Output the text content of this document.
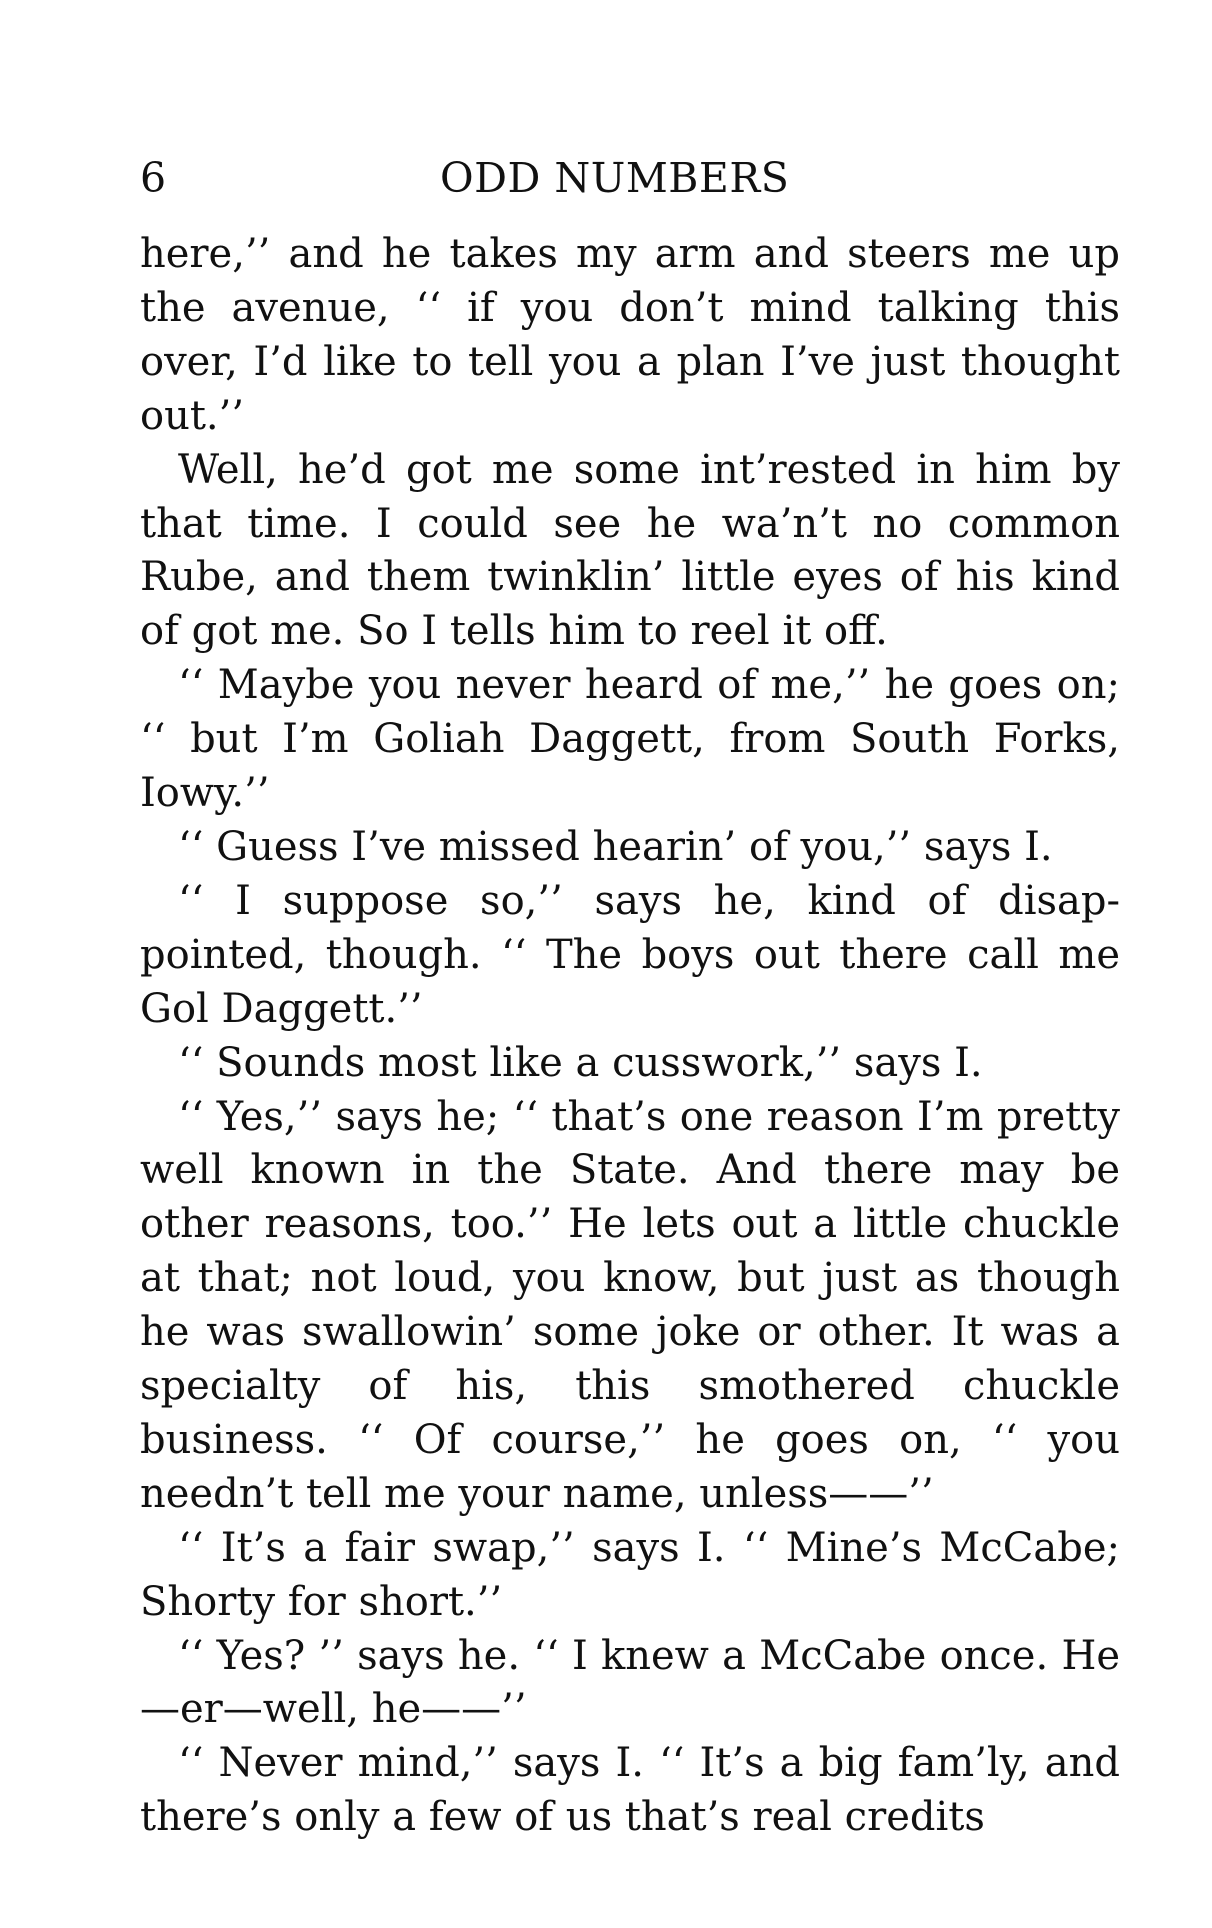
6	ODD NUMBERS

here,’’ and he takes my arm and steers me up the avenue, ‘‘ if you don’t mind talking this over, I’d like to tell you a plan I’ve just thought out.’’

Well, he’d got me some int’rested in him by that time. I could see he wa’n’t no common Rube, and them twinklin’ little eyes of his kind of got me. So I tells him to reel it off.

‘‘ Maybe you never heard of me,’’ he goes on; ‘‘ but I’m Goliah Daggett, from South Forks, Iowy.’’

‘‘ Guess I’ve missed hearin’ of you,’’ says I.

‘‘ I suppose so,’’ says he, kind of disappointed, though. ‘‘ The boys out there call me Gol Daggett.’’

‘‘ Sounds most like a cusswork,’’ says I.

‘‘ Yes,’’ says he; ‘‘ that’s one reason I’m pretty well known in the State. And there may be other reasons, too.’’ He lets out a little chuckle at that; not loud, you know, but just as though he was swallowin’ some joke or other. It was a specialty of his, this smothered chuckle business. ‘‘ Of course,’’ he goes on, ‘‘ you needn’t tell me your name, unless——’’

‘‘ It’s a fair swap,’’ says I. ‘‘ Mine’s McCabe; Shorty for short.’’

‘‘ Yes? ’’ says he. ‘‘ I knew a McCabe once. He—er—well, he——’’

‘‘ Never mind,’’ says I. ‘‘ It’s a big fam’ly, and there’s only a few of us that’s real credits
